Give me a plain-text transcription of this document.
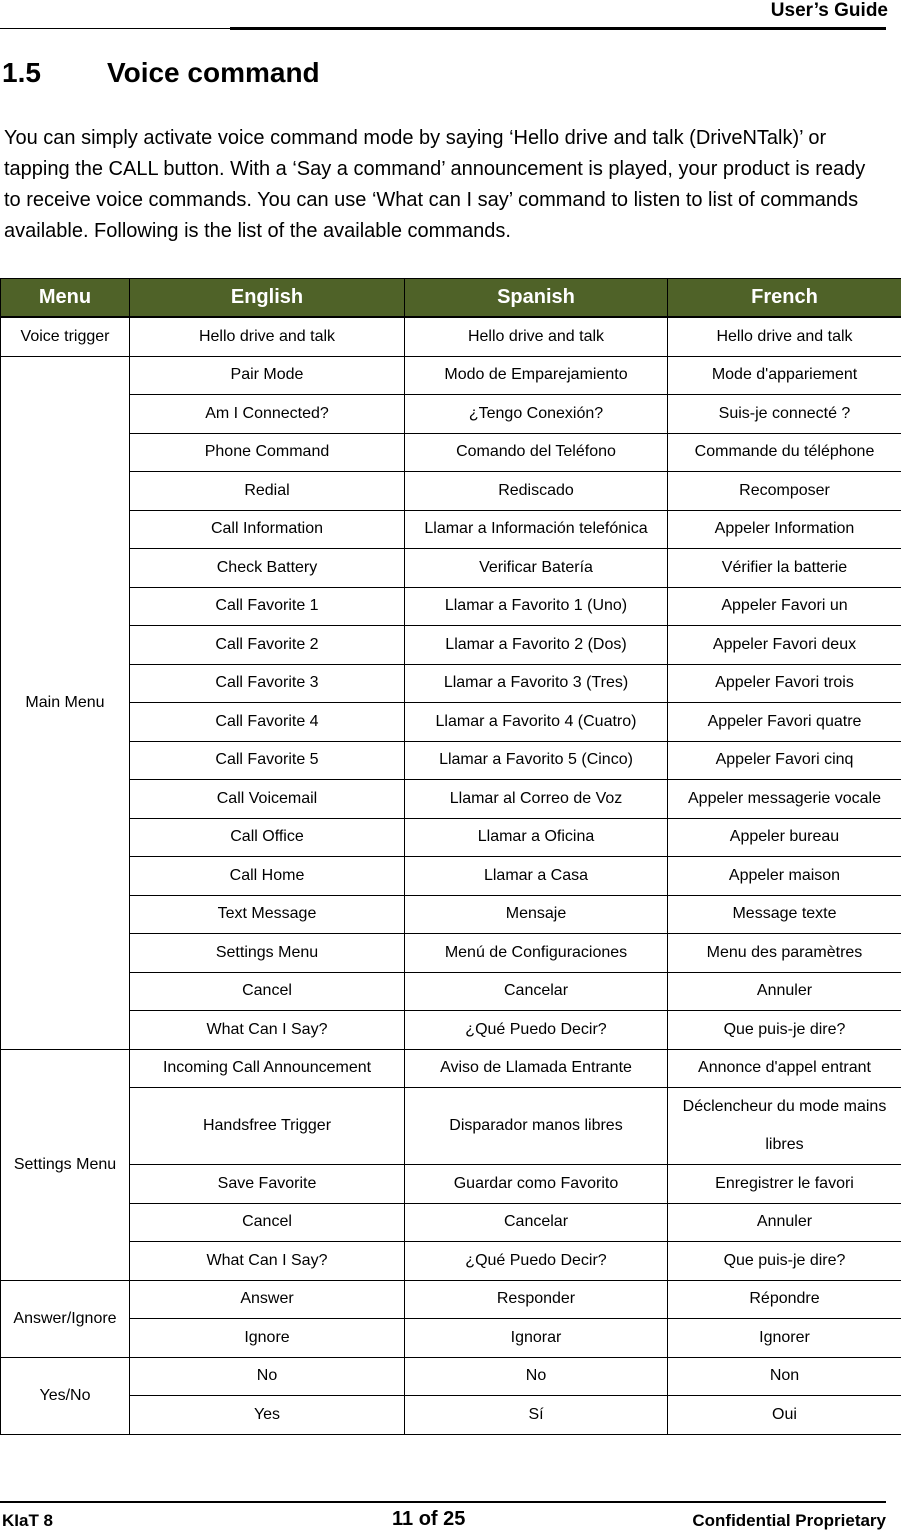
User’s Guide
1.5 Voice command
You can simply activate voice command mode by saying ‘Hello drive and talk (DriveNTalk)’ or tapping the CALL button. With a ‘Say a command’ announcement is played, your product is ready to receive voice commands. You can use ‘What can I say’ command to listen to list of commands available. Following is the list of the available commands.
Menu	English	Spanish	French
Voice trigger	Hello drive and talk	Hello drive and talk	Hello drive and talk
Main Menu	Pair Mode	Modo de Emparejamiento	Mode d'appariement
	Am I Connected?	¿Tengo Conexión?	Suis-je connecté ?
	Phone Command	Comando del Teléfono	Commande du téléphone
	Redial	Rediscado	Recomposer
	Call Information	Llamar a Información telefónica	Appeler Information
	Check Battery	Verificar Batería	Vérifier la batterie
	Call Favorite 1	Llamar a Favorito 1 (Uno)	Appeler Favori un
	Call Favorite 2	Llamar a Favorito 2 (Dos)	Appeler Favori deux
	Call Favorite 3	Llamar a Favorito 3 (Tres)	Appeler Favori trois
	Call Favorite 4	Llamar a Favorito 4 (Cuatro)	Appeler Favori quatre
	Call Favorite 5	Llamar a Favorito 5 (Cinco)	Appeler Favori cinq
	Call Voicemail	Llamar al Correo de Voz	Appeler messagerie vocale
	Call Office	Llamar a Oficina	Appeler bureau
	Call Home	Llamar a Casa	Appeler maison
	Text Message	Mensaje	Message texte
	Settings Menu	Menú de Configuraciones	Menu des paramètres
	Cancel	Cancelar	Annuler
	What Can I Say?	¿Qué Puedo Decir?	Que puis-je dire?
Settings Menu	Incoming Call Announcement	Aviso de Llamada Entrante	Annonce d'appel entrant
	Handsfree Trigger	Disparador manos libres	Déclencheur du mode mains libres
	Save Favorite	Guardar como Favorito	Enregistrer le favori
	Cancel	Cancelar	Annuler
	What Can I Say?	¿Qué Puedo Decir?	Que puis-je dire?
Answer/Ignore	Answer	Responder	Répondre
	Ignore	Ignorar	Ignorer
Yes/No	No	No	Non
	Yes	Sí	Oui
KIaT 8	11 of 25	Confidential Proprietary
